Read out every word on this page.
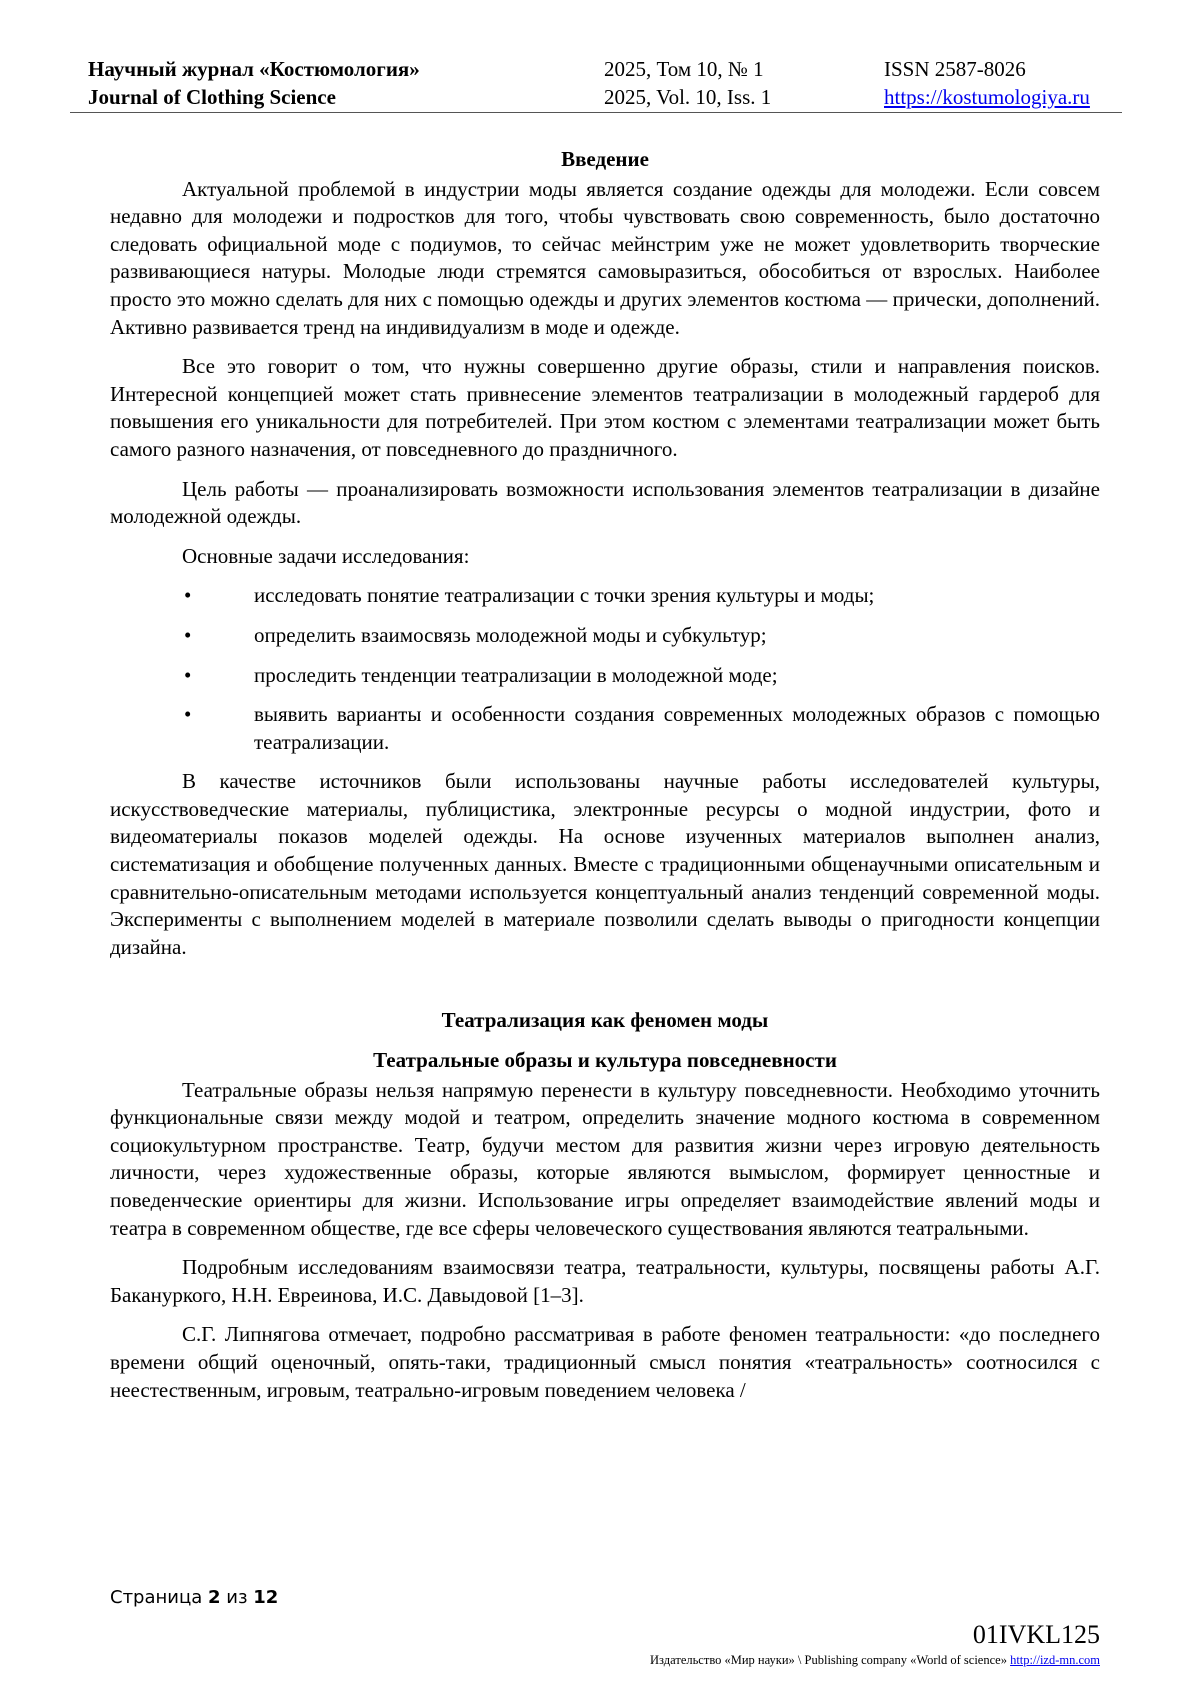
Научный журнал «Костюмология»
Journal of Clothing Science
2025, Том 10, № 1
2025, Vol. 10, Iss. 1
ISSN 2587-8026
https://kostumologiya.ru
Введение

Актуальной проблемой в индустрии моды является создание одежды для молодежи. Если совсем недавно для молодежи и подростков для того, чтобы чувствовать свою современность, было достаточно следовать официальной моде с подиумов, то сейчас мейнстрим уже не может удовлетворить творческие развивающиеся натуры. Молодые люди стремятся самовыразиться, обособиться от взрослых. Наиболее просто это можно сделать для них с помощью одежды и других элементов костюма — прически, дополнений. Активно развивается тренд на индивидуализм в моде и одежде.

Все это говорит о том, что нужны совершенно другие образы, стили и направления поисков. Интересной концепцией может стать привнесение элементов театрализации в молодежный гардероб для повышения его уникальности для потребителей. При этом костюм с элементами театрализации может быть самого разного назначения, от повседневного до праздничного.

Цель работы — проанализировать возможности использования элементов театрализации в дизайне молодежной одежды.

Основные задачи исследования:

•	исследовать понятие театрализации с точки зрения культуры и моды;
•	определить взаимосвязь молодежной моды и субкультур;
•	проследить тенденции театрализации в молодежной моде;
•	выявить варианты и особенности создания современных молодежных образов с помощью театрализации.

В качестве источников были использованы научные работы исследователей культуры, искусствоведческие материалы, публицистика, электронные ресурсы о модной индустрии, фото и видеоматериалы показов моделей одежды. На основе изученных материалов выполнен анализ, систематизация и обобщение полученных данных. Вместе с традиционными общенаучными описательным и сравнительно-описательным методами используется концептуальный анализ тенденций современной моды. Эксперименты с выполнением моделей в материале позволили сделать выводы о пригодности концепции дизайна.

Театрализация как феномен моды
Театральные образы и культура повседневности

Театральные образы нельзя напрямую перенести в культуру повседневности. Необходимо уточнить функциональные связи между модой и театром, определить значение модного костюма в современном социокультурном пространстве. Театр, будучи местом для развития жизни через игровую деятельность личности, через художественные образы, которые являются вымыслом, формирует ценностные и поведенческие ориентиры для жизни. Использование игры определяет взаимодействие явлений моды и театра в современном обществе, где все сферы человеческого существования являются театральными.

Подробным исследованиям взаимосвязи театра, театральности, культуры, посвящены работы А.Г. Бакануркого, Н.Н. Евреинова, И.С. Давыдовой [1–3].

С.Г. Липнягова отмечает, подробно рассматривая в работе феномен театральности: «до последнего времени общий оценочный, опять-таки, традиционный смысл понятия «театральность» соотносился с неестественным, игровым, театрально-игровым поведением человека /

Страница 2 из 12
01IVKL125
Издательство «Мир науки» \ Publishing company «World of science» http://izd-mn.com
